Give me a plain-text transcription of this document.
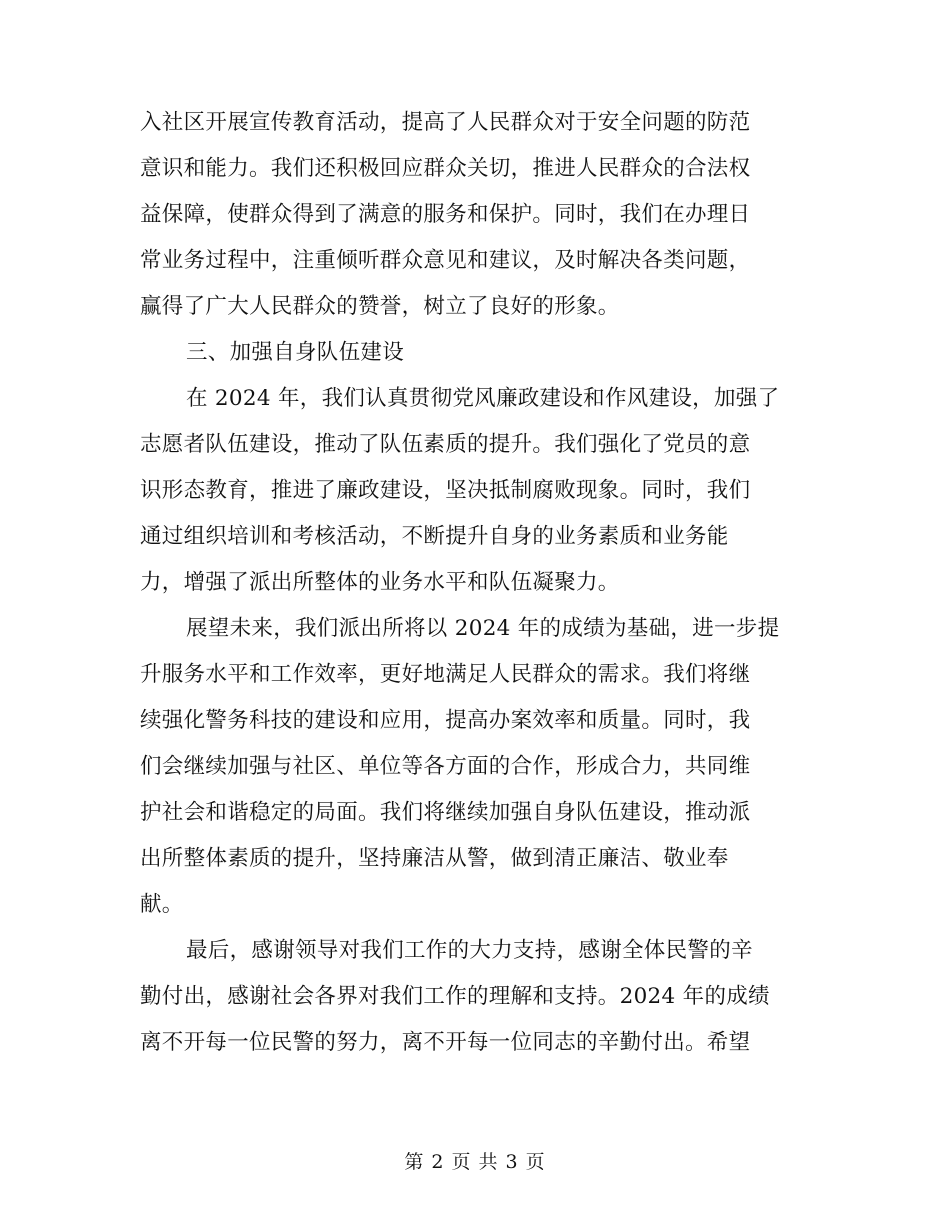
入社区开展宣传教育活动，提高了人民群众对于安全问题的防范
意识和能力。我们还积极回应群众关切，推进人民群众的合法权
益保障，使群众得到了满意的服务和保护。同时，我们在办理日
常业务过程中，注重倾听群众意见和建议，及时解决各类问题，
赢得了广大人民群众的赞誉，树立了良好的形象。
三、加强自身队伍建设
在 2024 年，我们认真贯彻党风廉政建设和作风建设，加强了
志愿者队伍建设，推动了队伍素质的提升。我们强化了党员的意
识形态教育，推进了廉政建设，坚决抵制腐败现象。同时，我们
通过组织培训和考核活动，不断提升自身的业务素质和业务能
力，增强了派出所整体的业务水平和队伍凝聚力。
展望未来，我们派出所将以 2024 年的成绩为基础，进一步提
升服务水平和工作效率，更好地满足人民群众的需求。我们将继
续强化警务科技的建设和应用，提高办案效率和质量。同时，我
们会继续加强与社区、单位等各方面的合作，形成合力，共同维
护社会和谐稳定的局面。我们将继续加强自身队伍建设，推动派
出所整体素质的提升，坚持廉洁从警，做到清正廉洁、敬业奉
献。
最后，感谢领导对我们工作的大力支持，感谢全体民警的辛
勤付出，感谢社会各界对我们工作的理解和支持。2024 年的成绩
离不开每一位民警的努力，离不开每一位同志的辛勤付出。希望
第 2 页 共 3 页
